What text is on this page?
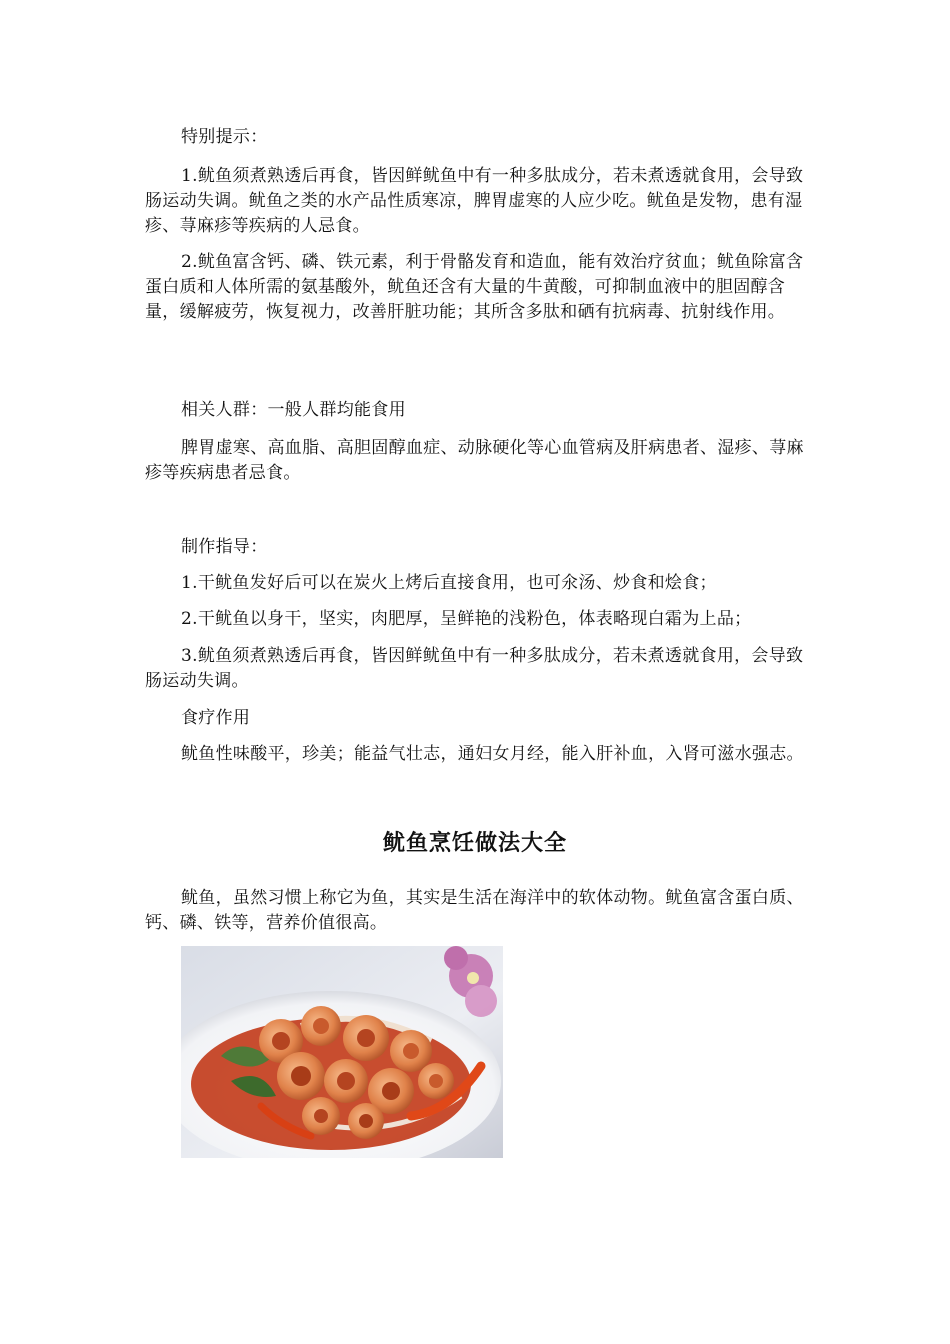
特别提示：

1.鱿鱼须煮熟透后再食，皆因鲜鱿鱼中有一种多肽成分，若未煮透就食用，会导致肠运动失调。鱿鱼之类的水产品性质寒凉，脾胃虚寒的人应少吃。鱿鱼是发物，患有湿疹、荨麻疹等疾病的人忌食。

2.鱿鱼富含钙、磷、铁元素，利于骨骼发育和造血，能有效治疗贫血；鱿鱼除富含蛋白质和人体所需的氨基酸外，鱿鱼还含有大量的牛黄酸，可抑制血液中的胆固醇含量，缓解疲劳，恢复视力，改善肝脏功能；其所含多肽和硒有抗病毒、抗射线作用。

相关人群：一般人群均能食用

脾胃虚寒、高血脂、高胆固醇血症、动脉硬化等心血管病及肝病患者、湿疹、荨麻疹等疾病患者忌食。

制作指导：

1.干鱿鱼发好后可以在炭火上烤后直接食用，也可氽汤、炒食和烩食；

2.干鱿鱼以身干，坚实，肉肥厚，呈鲜艳的浅粉色，体表略现白霜为上品；

3.鱿鱼须煮熟透后再食，皆因鲜鱿鱼中有一种多肽成分，若未煮透就食用，会导致肠运动失调。

食疗作用

鱿鱼性味酸平，珍美；能益气壮志，通妇女月经，能入肝补血，入肾可滋水强志。

鱿鱼烹饪做法大全

鱿鱼，虽然习惯上称它为鱼，其实是生活在海洋中的软体动物。鱿鱼富含蛋白质、钙、磷、铁等，营养价值很高。
